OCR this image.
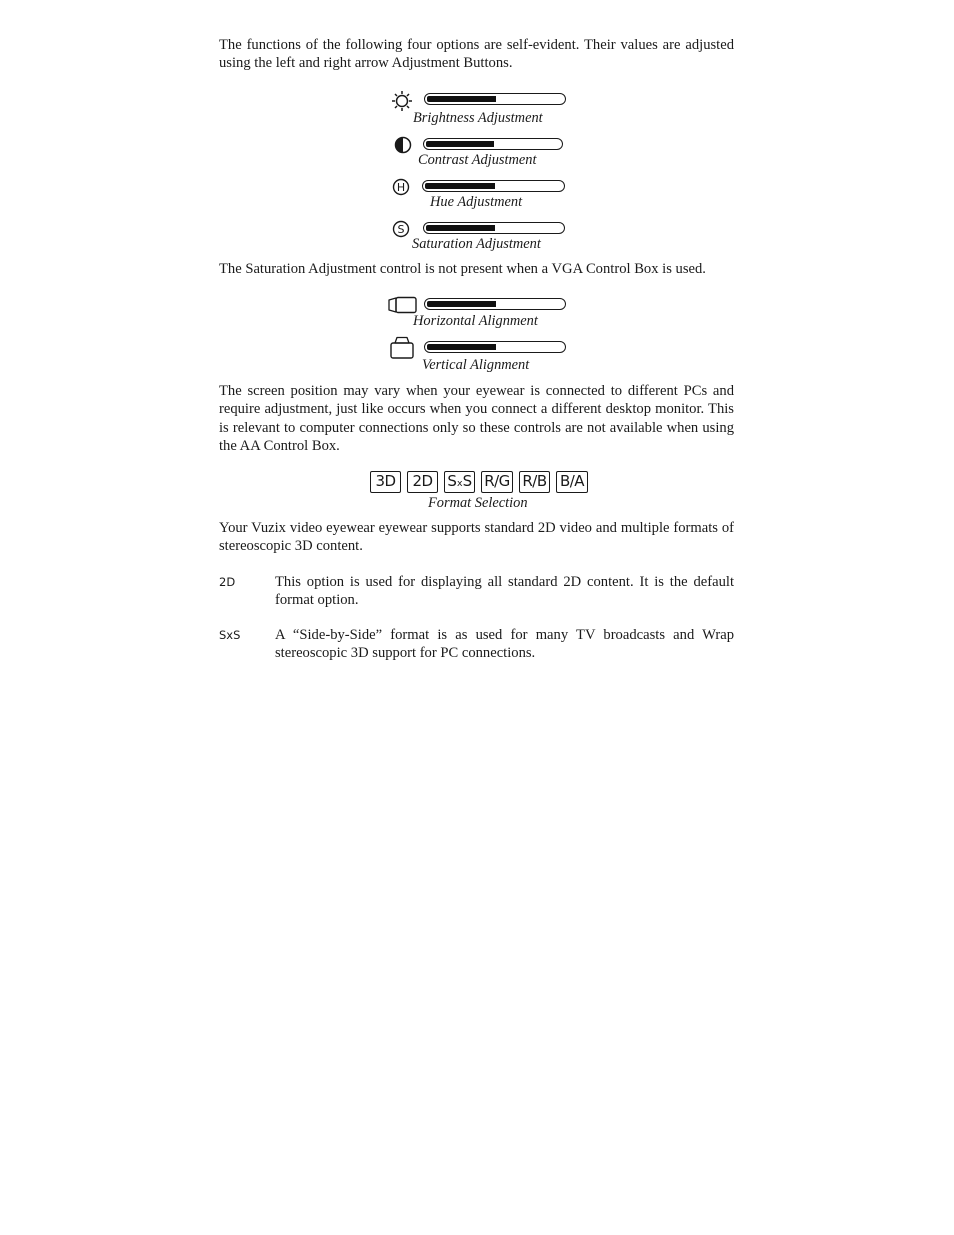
The functions of the following four options are self-evident. Their values are adjusted using the left and right arrow Adjustment Buttons.

Brightness Adjustment
Contrast Adjustment
H
Hue Adjustment
S
Saturation Adjustment

The Saturation Adjustment control is not present when a VGA Control Box is used.

Horizontal Alignment
Vertical Alignment

The screen position may vary when your eyewear is connected to different PCs and require adjustment, just like occurs when you connect a different desktop monitor. This is relevant to computer connections only so these controls are not available when using the AA Control Box.

3D	2D SₓS R/G R/B B/A
Format Selection

Your Vuzix video eyewear eyewear supports standard 2D video and multiple formats of stereoscopic 3D content.

2D	This option is used for displaying all standard 2D content. It is the default format option.

SxS A “Side-by-Side” format is as used for many TV broadcasts and Wrap stereoscopic 3D support for PC connections.
